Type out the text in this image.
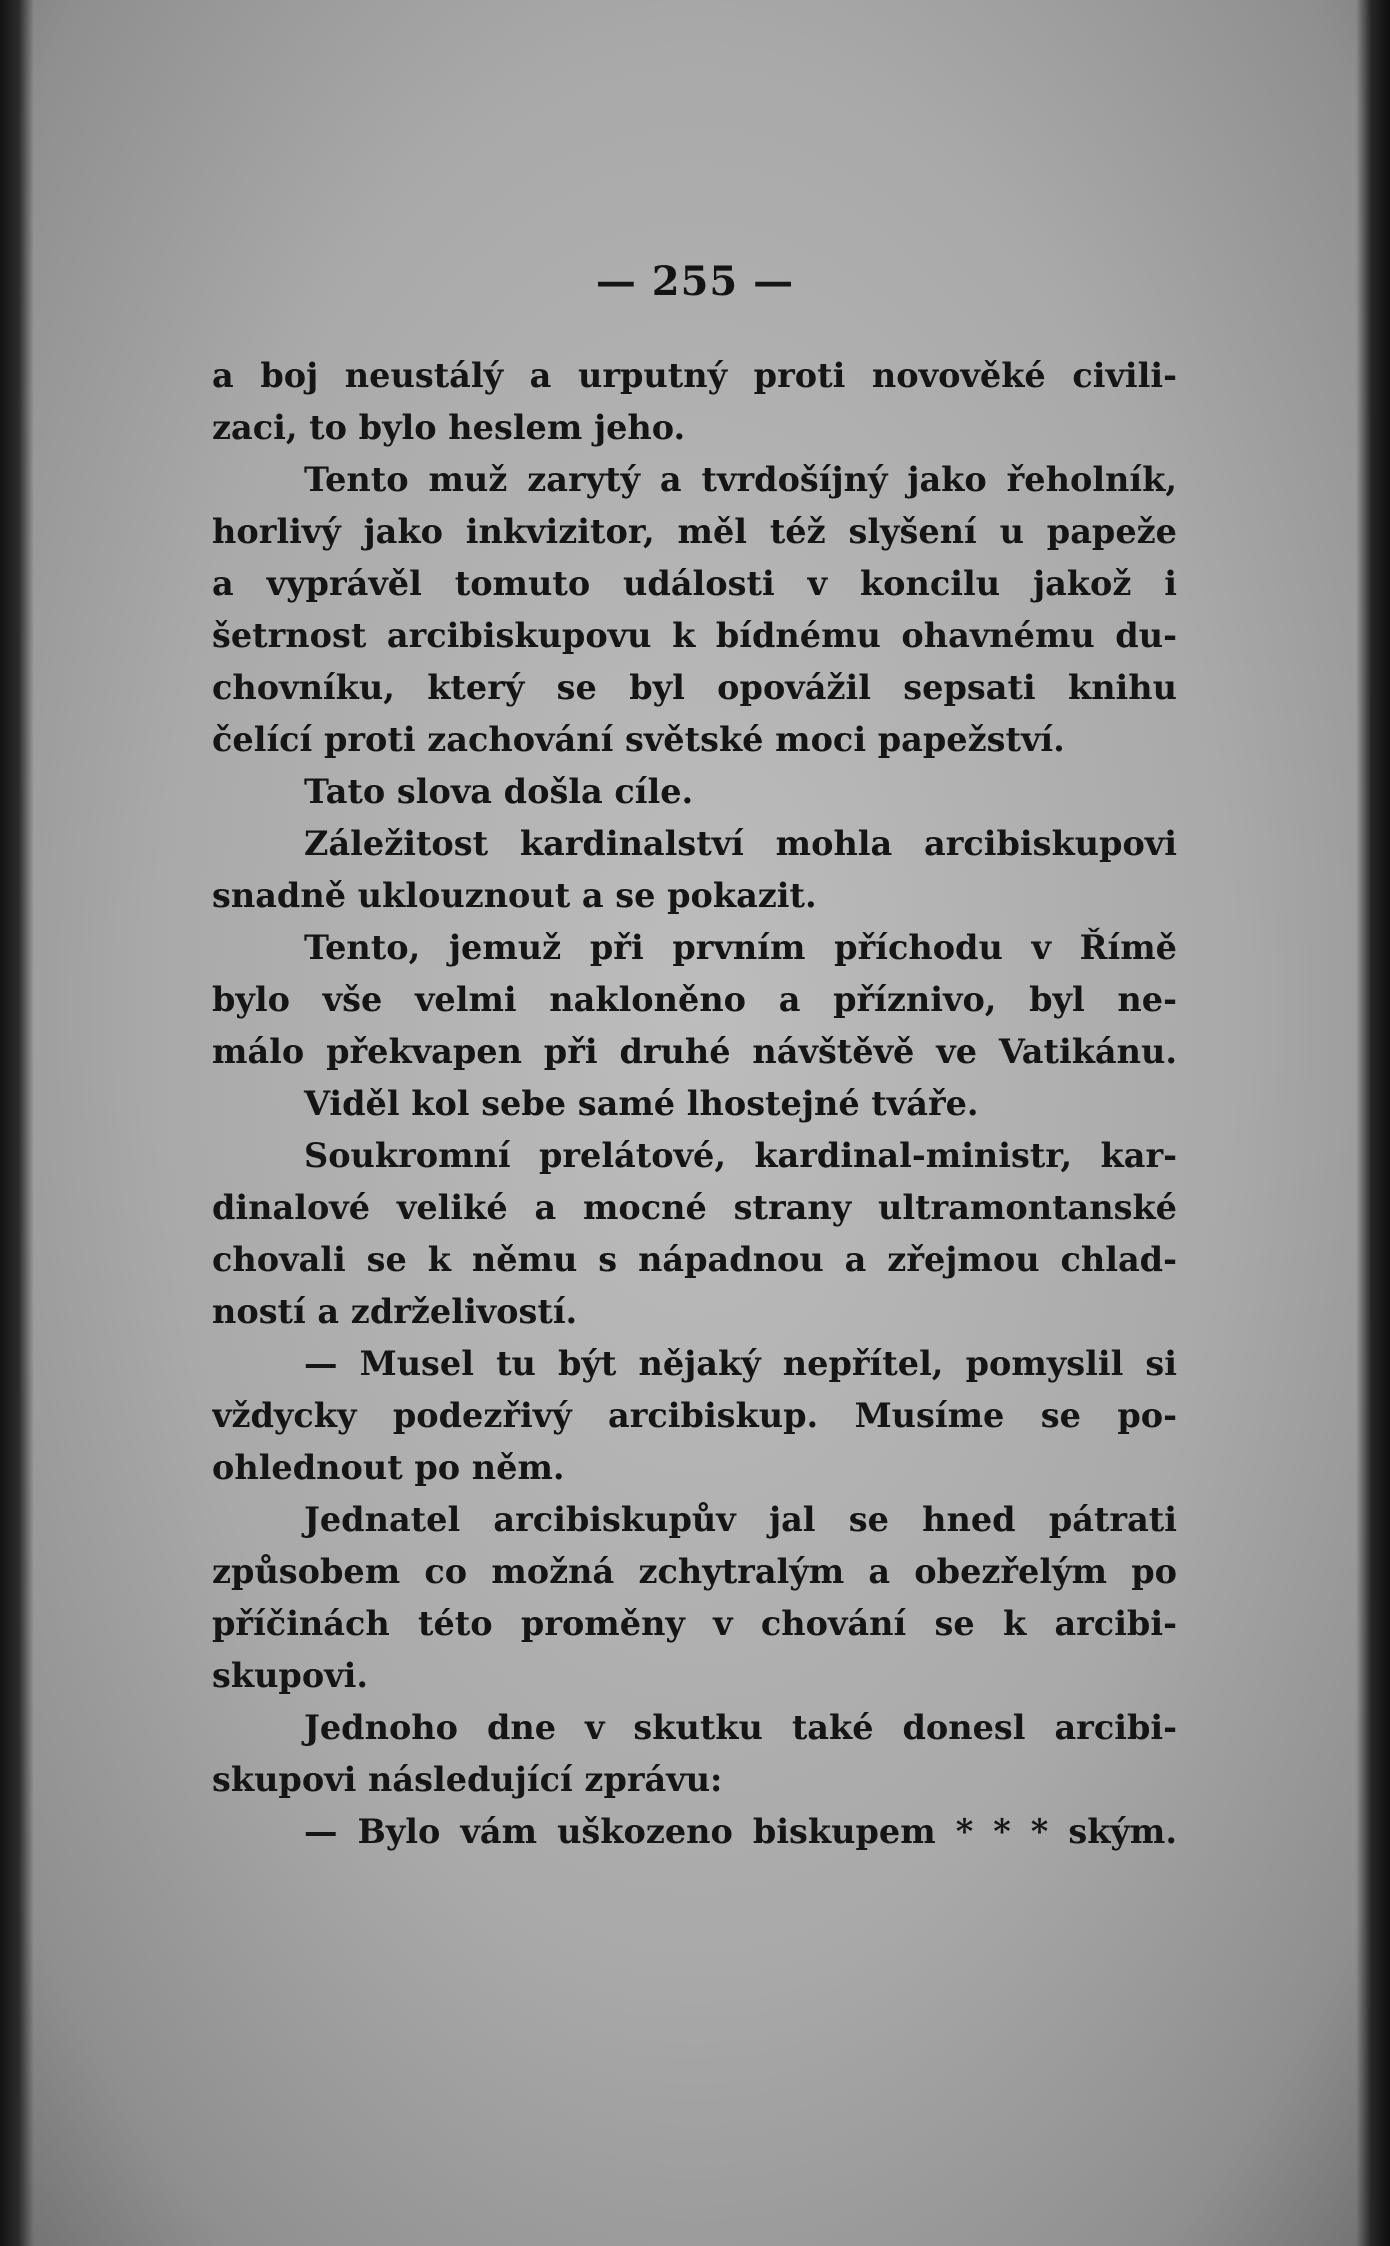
— 255 —
a boj neustálý a urputný proti novověké civili-
zaci, to bylo heslem jeho.
Tento muž zarytý a tvrdošíjný jako řeholník,
horlivý jako inkvizitor, měl též slyšení u papeže
a vyprávěl tomuto události v koncilu jakož i
šetrnost arcibiskupovu k bídnému ohavnému du-
chovníku, který se byl opovážil sepsati knihu
čelící proti zachování světské moci papežství.
Tato slova došla cíle.
Záležitost kardinalství mohla arcibiskupovi
snadně uklouznout a se pokazit.
Tento, jemuž při prvním příchodu v Římě
bylo vše velmi nakloněno a příznivo, byl ne-
málo překvapen při druhé návštěvě ve Vatikánu.
Viděl kol sebe samé lhostejné tváře.
Soukromní prelátové, kardinal-ministr, kar-
dinalové veliké a mocné strany ultramontanské
chovali se k němu s nápadnou a zřejmou chlad-
ností a zdrželivostí.
— Musel tu být nějaký nepřítel, pomyslil si
vždycky podezřivý arcibiskup. Musíme se po-
ohlednout po něm.
Jednatel arcibiskupův jal se hned pátrati
způsobem co možná zchytralým a obezřelým po
příčinách této proměny v chování se k arcibi-
skupovi.
Jednoho dne v skutku také donesl arcibi-
skupovi následující zprávu:
— Bylo vám uškozeno biskupem * * * ským.
